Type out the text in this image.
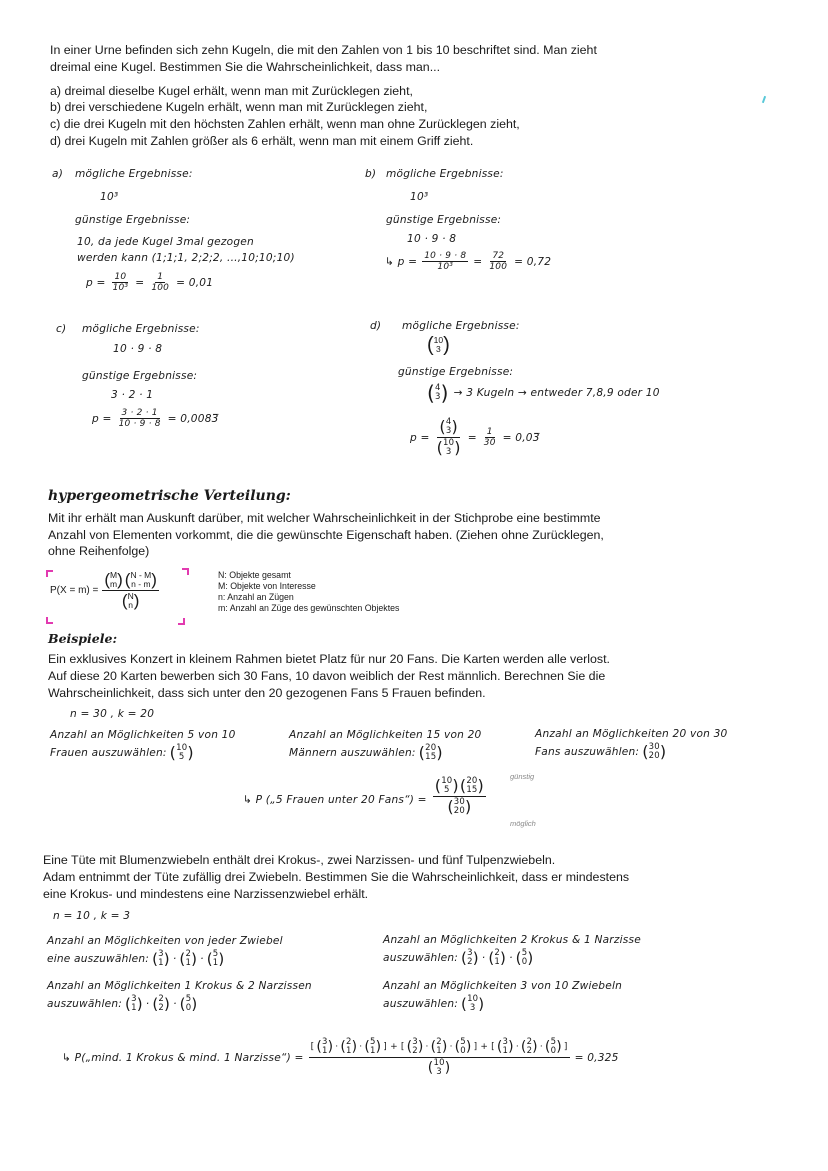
In einer Urne befinden sich zehn Kugeln, die mit den Zahlen von 1 bis 10 beschriftet sind. Man zieht
dreimal eine Kugel. Bestimmen Sie die Wahrscheinlichkeit, dass man...
a) dreimal dieselbe Kugel erhält, wenn man mit Zurücklegen zieht,
b) drei verschiedene Kugeln erhält, wenn man mit Zurücklegen zieht,
c) die drei Kugeln mit den höchsten Zahlen erhält, wenn man ohne Zurücklegen zieht,
d) drei Kugeln mit Zahlen größer als 6 erhält, wenn man mit einem Griff zieht.
a) mögliche Ergebnisse:
10³
günstige Ergebnisse:
10, da jede Kugel 3mal gezogen
werden kann (1;1;1, 2;2;2, ...,10;10;10)
$p = \frac{10}{\text{10³}} = \frac{1}{100} = 0,01$
b) mögliche Ergebnisse:
10³
günstige Ergebnisse:
10 · 9 · 8
↳ $p = \frac{10 \cdot 9 \cdot 8}{\text{10³}} = \frac{72}{100} = 0,72$
c) mögliche Ergebnisse:
10 · 9 · 8
günstige Ergebnisse:
3 · 2 · 1
$p = \frac{3 \cdot 2 \cdot 1}{10 \cdot 9 \cdot 8}$ = 0,0083̅
d) mögliche Ergebnisse:
( 10
3 )
günstige Ergebnisse:
( 4
3 ) → 3 Kugeln → entweder 7,8,9 oder 10
p = ( 4
3 )
( 10
3 ) = $\frac{1}{30}$ = 0,03̅
hypergeometrische Verteilung:
Mit ihr erhält man Auskunft darüber, mit welcher Wahrscheinlichkeit in der Stichprobe eine bestimmte
Anzahl von Elementen vorkommt, die die gewünschte Eigenschaft haben. (Ziehen ohne Zurücklegen,
ohne Reihenfolge)
P(X = m) = ( M
m ) ( N - M
n - m )
( N
n )	N: Objekte gesamt
M: Objekte von Interesse
n: Anzahl an Zügen
m: Anzahl an Züge des gewünschten Objektes
Beispiele:
Ein exklusives Konzert in kleinem Rahmen bietet Platz für nur 20 Fans. Die Karten werden alle verlost.
Auf diese 20 Karten bewerben sich 30 Fans, 10 davon weiblich der Rest männlich. Berechnen Sie die
Wahrscheinlichkeit, dass sich unter den 20 gezogenen Fans 5 Frauen befinden.
n = 30 , k = 20
Anzahl an Möglichkeiten 5 von 10
Frauen auszuwählen: ( 10
5 )
Anzahl an Möglichkeiten 15 von 20
Männern auszuwählen: ( 20
15 )
Anzahl an Möglichkeiten 20 von 30
Fans auszuwählen: ( 30
20 )
↳ P („5 Frauen unter 20 Fans“) = ( 10
5 ) ( 20
15 )
( 30
20 )	günstig
möglich
Eine Tüte mit Blumenzwiebeln enthält drei Krokus-, zwei Narzissen- und fünf Tulpenzwiebeln.
Adam entnimmt der Tüte zufällig drei Zwiebeln. Bestimmen Sie die Wahrscheinlichkeit, dass er mindestens
eine Krokus- und mindestens eine Narzissenzwiebel erhält.
n = 10 , k = 3
Anzahl an Möglichkeiten von jeder Zwiebel
eine auszuwählen: ( 3
1 ) · ( 2
1 ) · ( 5
1 )
Anzahl an Möglichkeiten 2 Krokus & 1 Narzisse
auszuwählen: ( 3
2 ) · ( 2
1 ) · ( 5
0 )
Anzahl an Möglichkeiten 1 Krokus & 2 Narzissen
auszuwählen: ( 3
1 ) · ( 2
2 ) · ( 5
0 )
Anzahl an Möglichkeiten 3 von 10 Zwiebeln
auszuwählen: ( 10
3 )
↳ P(„mind. 1 Krokus & mind. 1 Narzisse“) =
[ ( 3
1 ) · ( 2
1 ) · ( 5
1 ) ] + [ ( 3
2 ) · ( 2
1 ) · ( 5
0 ) ] + [ ( 3
1 ) · ( 2
2 ) · ( 5
0 ) ]
( 10
3 )
= 0,325
